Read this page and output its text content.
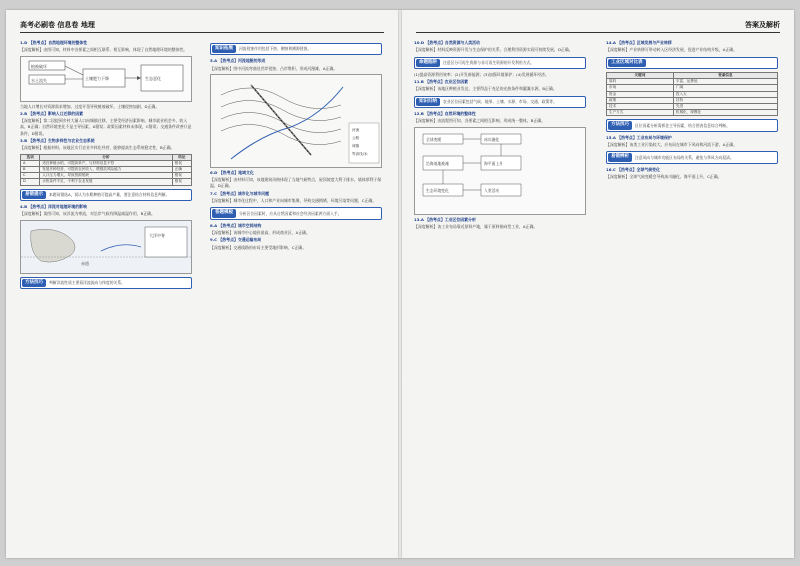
高考必刷卷 信息卷 地理

1.D 【热考点】自然地理环境的整体性

【深度解析】由图可知，材料中各要素之间相互联系、相互影响，体现了自然地理环境的整体性。

植被破坏
水土流失	土壤肥力下降	生态恶化

当地人口增长对资源需求增加，过度开垦导致植被破坏，土壤侵蚀加剧，D正确。

2.B 【热考点】影响人口迁移的因素

【深度解析】第二段提到乡村大量人口向城镇迁移，主要受经济因素影响，城市就业机会多、收入高，B正确；自然环境变化不是主导因素，A错误；政策因素材料未体现，C错误；交通条件改善只是条件，D错误。

3.B 【热考点】生物多样性与农业生态系统

【深度解析】根据材料，该地区实行农业多样化经营，能够提高生态系统稳定性，B正确。

选项	分析	结论
A	适宜种植水稻，可提高单产，与材料信息不符	错误
B	发展多种经营，可提高农民收入，增强抗风险能力	正确
C	人口压力增大，导致资源短缺	错误
D	水热条件不足，不利于农业发展	错误
易错提示	本题易错选A，误认为水稻种植可提高产量，要注意结合材料信息判断。

4.B 【热考点】洋流对地理环境的影响

【深度解析】读图可知，该洋流为寒流，对沿岸气候有降温减湿作用，B正确。

大洋中脊
赤道
方法技巧	判断洋流性质主要看洋流流向与纬度的关系。
知识拓展	河流侵蚀作用包括下蚀、侧蚀和溯源侵蚀。

5.A 【热考点】河流地貌的形成

【深度解析】图中河流弯曲处凹岸侵蚀、凸岸堆积，形成河漫滩，A正确。

河流
公路
城镇
等高线/米

6.D 【热考点】地域文化

【深度解析】由材料可知，该地建筑风格体现了当地气候特点，屋顶坡度大利于排水，墙体厚利于保温，D正确。

7.C 【热考点】城市化与城市问题

【深度解析】城市化过程中，人口和产业向城市集聚，导致交通拥堵、环境污染等问题，C正确。

答题模板	分析区位因素时，应从自然因素和社会经济因素两方面入手。

8.A 【热考点】城市空间结构

【深度解析】该城市中心地价最高，形成商业区，A正确。

9.C 【热考点】交通运输布局

【深度解析】交通线路的布局主要受地形影响，C正确。

答案及解析

10.D 【热考点】自然资源与人类活动

【深度解析】材料反映资源开发与生态保护的关系，合理利用资源实现可持续发展，D正确。

命题陷阱	注意区分可再生资源与非可再生资源的开发利用方式。

(1)提高资源利用效率；(2)开发新能源；(3)加强环境保护；(4)发展循环经济。

11.B 【热考点】农业区位因素

【深度解析】该地区种植业发达，主要得益于充足的光热条件和灌溉水源，B正确。

知识归纳	农业区位因素包括气候、地形、土壤、水源、市场、交通、政策等。

12.B 【热考点】自然环境的整体性

【深度解析】由流程图可知，各要素之间相互影响，形成统一整体，B正确。

全球变暖	冰川融化
海平面上升
沿海低地被淹
生态环境变化	人类活动

13.A 【热考点】工业区位因素分析

【深度解析】该工业布局靠近原料产地，属于原料指向型工业，A正确。

14.A 【热考点】区域发展与产业转移

【深度解析】产业转移可带动转入区经济发展，促进产业结构升级，A正确。

工业区域对比表
关键词	要素信息
原料	丰富，运费低
市场	广阔
资金	投入大
政策	扶持
技术	先进
生产方式	机械化、规模化
方法技巧	区位因素分析需抓住主导因素，结合图表信息综合判断。

15.A 【热考点】工业布局与环境保护

【深度解析】该类工业污染较大，应布局在城市下风向和河流下游，A正确。

易错辨析	注意风向与城市功能区布局的关系，避免与季风方向混淆。

16.C 【热考点】全球气候变化

【深度解析】全球气候变暖会导致冰川融化、海平面上升，C正确。
